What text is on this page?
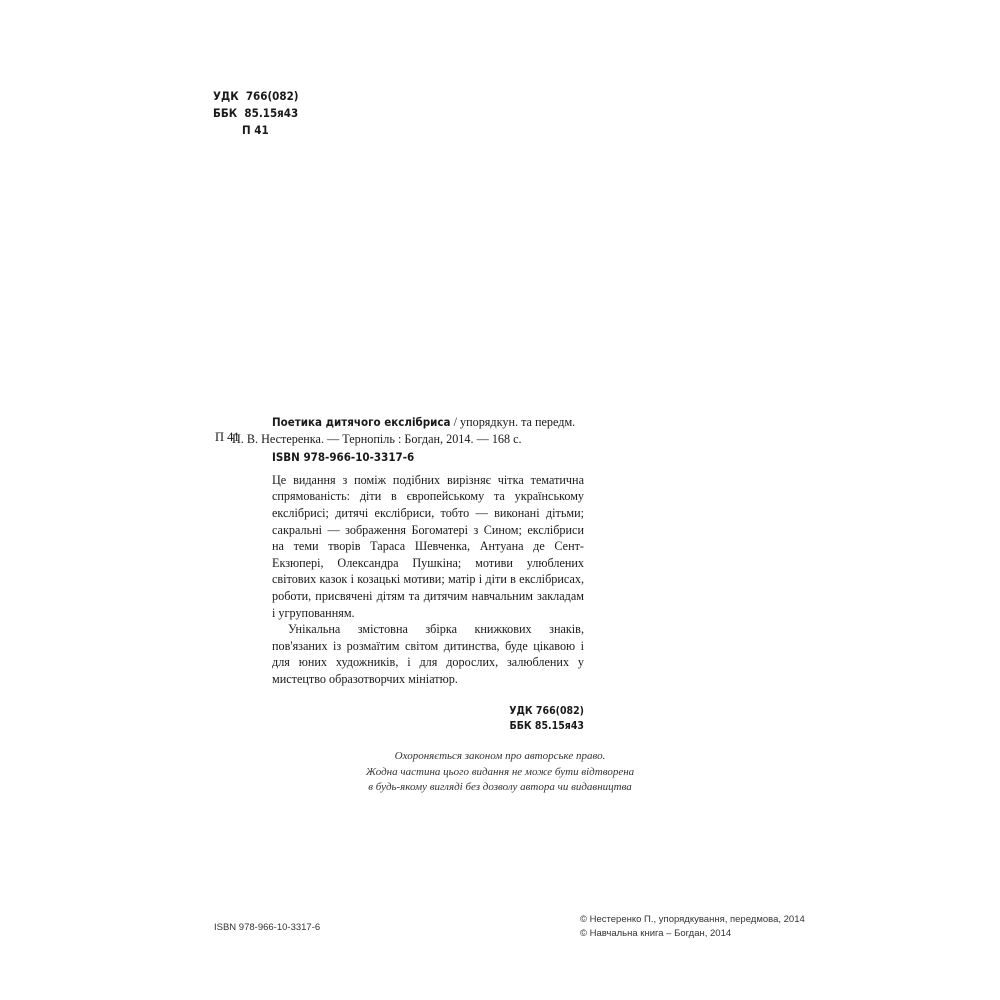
УДК  766(082)
ББК  85.15я43
П 41
П 41
Поетика дитячого екслібриса / упорядкун. та передм.
П. В. Нестеренка. — Тернопіль : Богдан, 2014. — 168 с.
ISBN 978-966-10-3317-6
Це видання з поміж подібних вирізняє чітка тематична спрямованість: діти в європейському та українському екслібрисі; дитячі екслібриси, тобто — виконані дітьми; сакральні — зображення Богоматері з Сином; екслібриси на теми творів Тараса Шевченка, Антуана де Сент-Екзюпері, Олександра Пушкіна; мотиви улюблених світових казок і козацькі мотиви; матір і діти в екслібрисах, роботи, присвячені дітям та дитячим навчальним закладам і угрупованням.
Унікальна змістовна збірка книжкових знаків, пов'язаних із розмаїтим світом дитинства, буде цікавою і для юних художників, і для дорослих, залюблених у мистецтво образотворчих мініатюр.
УДК 766(082)
ББК 85.15я43
Охороняється законом про авторське право.
Жодна частина цього видання не може бути відтворена
в будь-якому вигляді без дозволу автора чи видавництва
ISBN 978-966-10-3317-6
© Нестеренко П., упорядкування, передмова, 2014
© Навчальна книга – Богдан, 2014
